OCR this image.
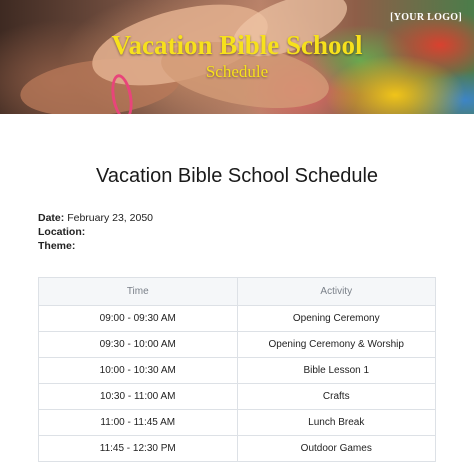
[YOUR LOGO]
Vacation Bible School
Schedule
Vacation Bible School Schedule
Date: February 23, 2050
Location:
Theme:
Time	Activity
09:00 - 09:30 AM	Opening Ceremony
09:30 - 10:00 AM	Opening Ceremony & Worship
10:00 - 10:30 AM	Bible Lesson 1
10:30 - 11:00 AM	Crafts
11:00 - 11:45 AM	Lunch Break
11:45 - 12:30 PM	Outdoor Games
